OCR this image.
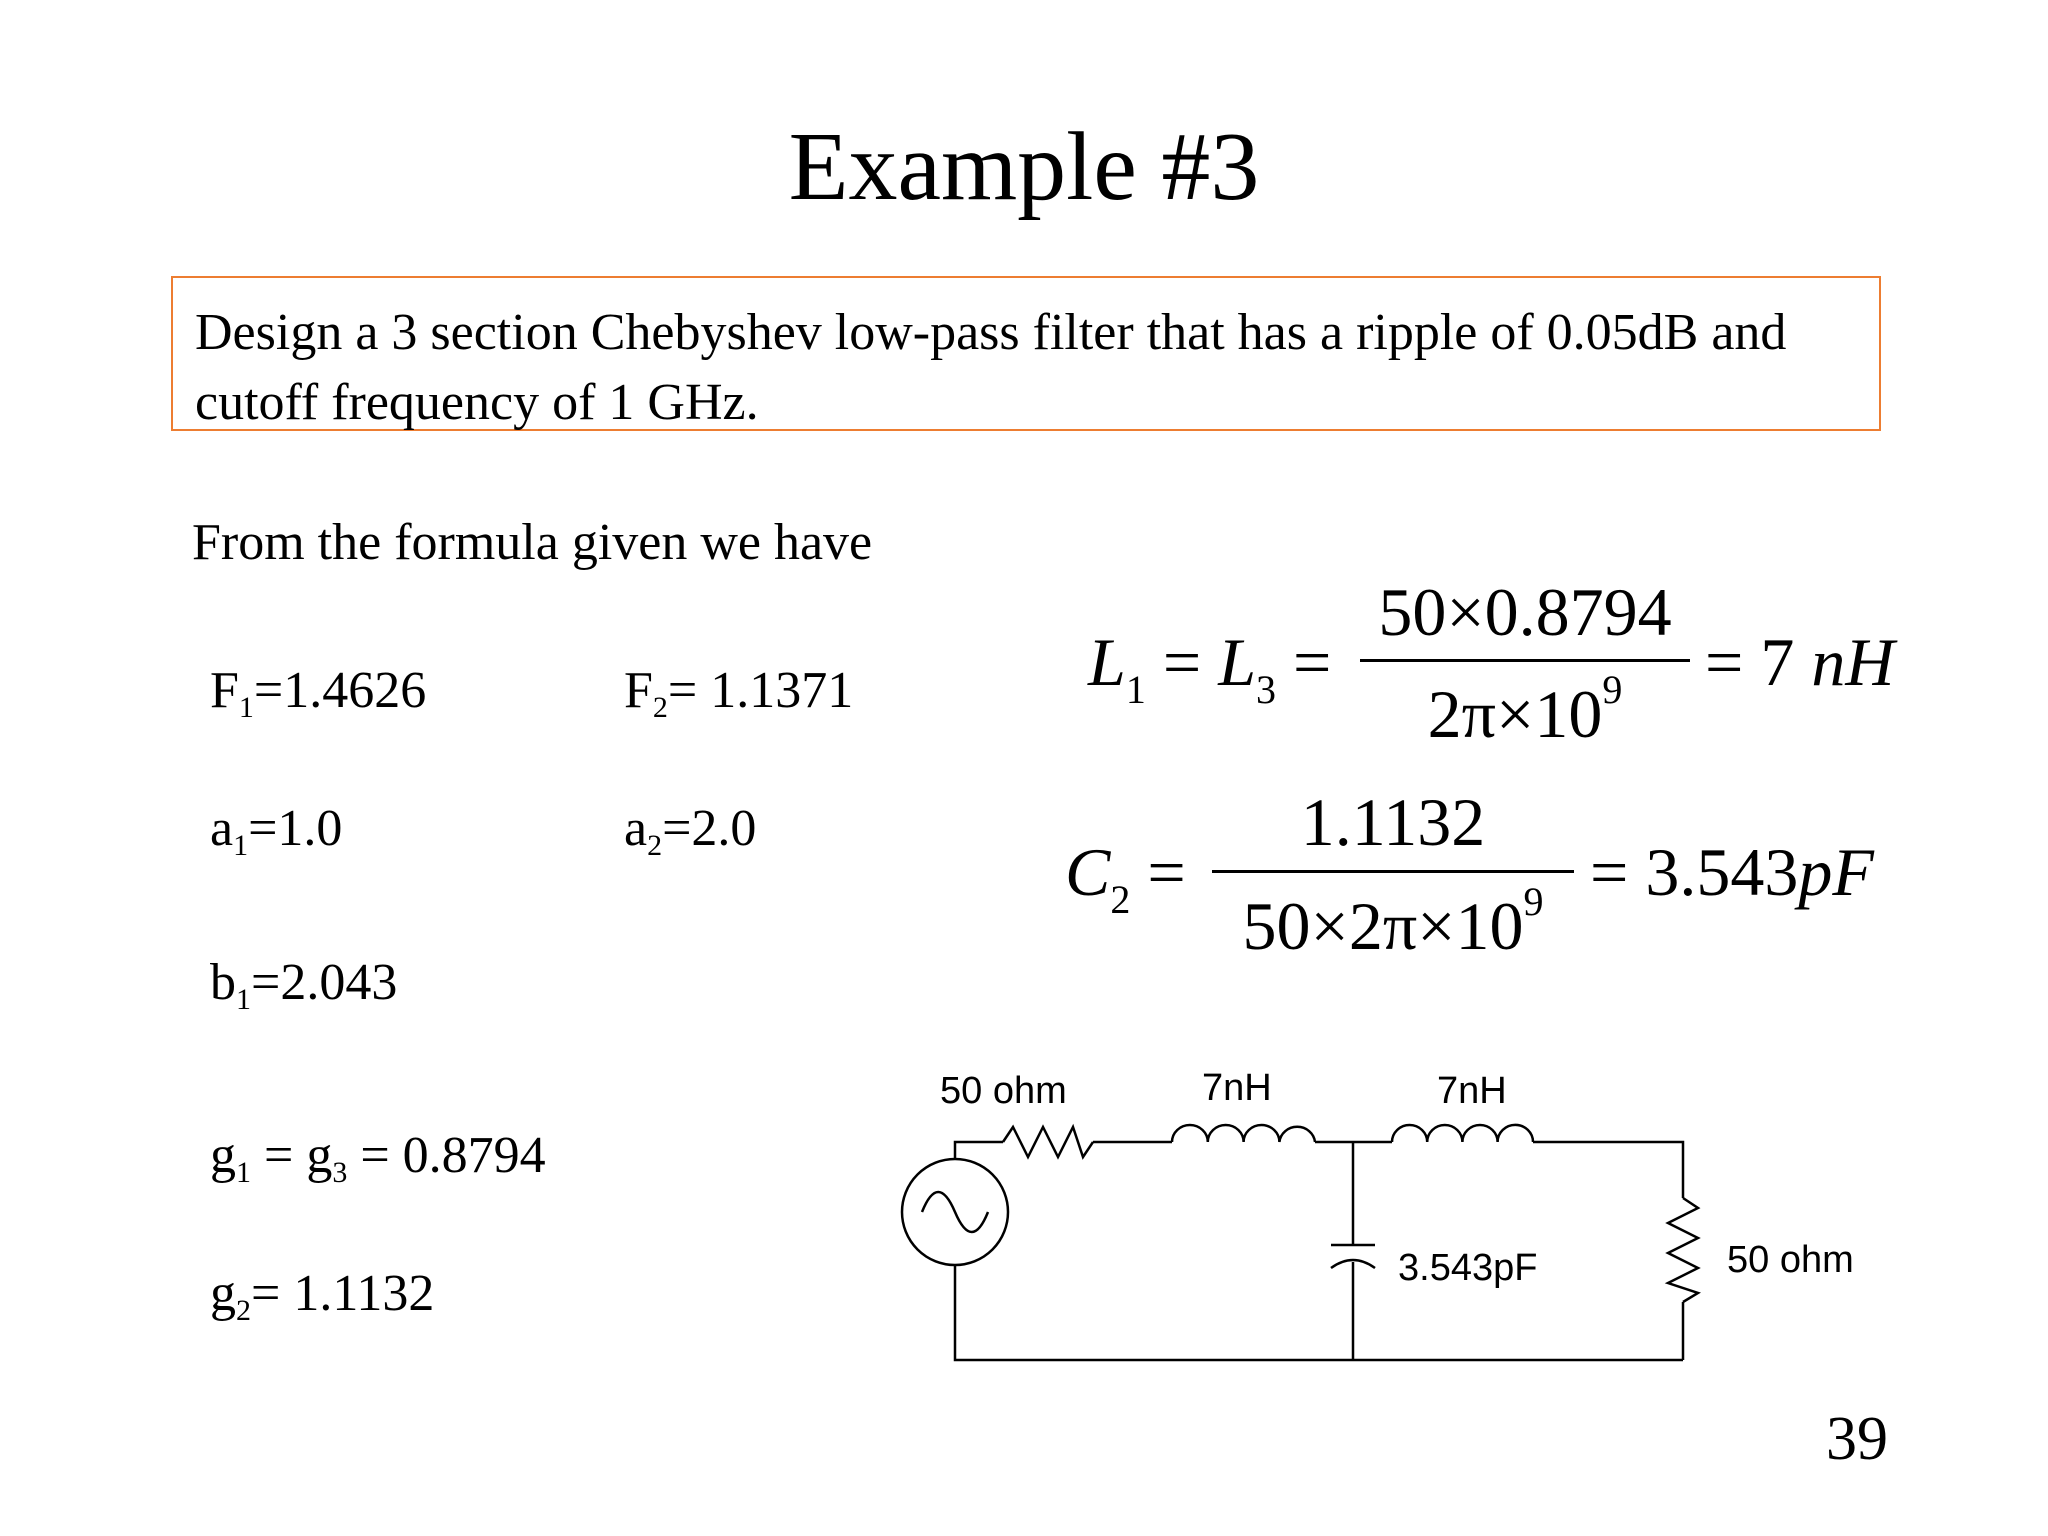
Example #3
Design a 3 section Chebyshev low-pass filter that has a ripple of 0.05dB and cutoff frequency of 1 GHz.
From the formula given we have
$F_1=1.4626$	$F_2= 1.1371$
$a_1=1.0$	$a_2=2.0$
$b_1=2.043$
$g_1 = g_3 = 0.8794$
$g_2= 1.1132$
$L_1 = L_3$ =
50×0.8794
$2\pi\times 10^9$	= 7 nH
$C_2$ =
1.1132
$50\times 2\pi\times 10^9 = 3.543pF$
50 ohm	7nH	7nH
3.543pF	50 ohm
39
